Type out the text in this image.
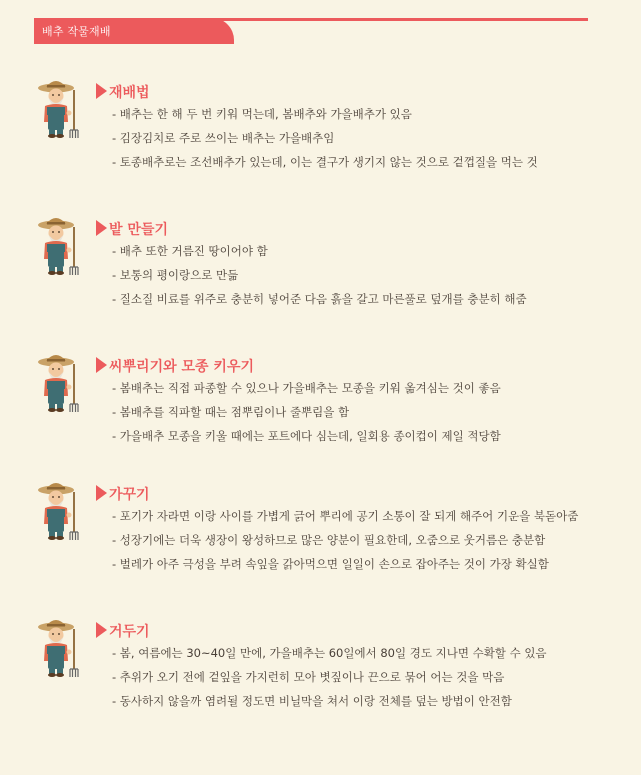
배추 작물재배
재배법
- 배추는 한 해 두 번 키워 먹는데, 봄배추와 가을배추가 있음
- 김장김치로 주로 쓰이는 배추는 가을배추임
- 토종배추로는 조선배추가 있는데, 이는 결구가 생기지 않는 것으로 겉껍질을 먹는 것
밭 만들기
- 배추 또한 거름진 땅이어야 함
- 보통의 평이랑으로 만듦
- 질소질 비료를 위주로 충분히 넣어준 다음 흙을 갈고 마른풀로 덮개를 충분히 해줌
씨뿌리기와 모종 키우기
- 봄배추는 직접 파종할 수 있으나 가을배추는 모종을 키워 옮겨심는 것이 좋음
- 봄배추를 직파할 때는 점뿌림이나 줄뿌림을 함
- 가을배추 모종을 키울 때에는 포트에다 심는데, 일회용 종이컵이 제일 적당함
가꾸기
- 포기가 자라면 이랑 사이를 가볍게 긁어 뿌리에 공기 소통이 잘 되게 해주어 기운을 북돋아줌
- 성장기에는 더욱 생장이 왕성하므로 많은 양분이 필요한데, 오줌으로 웃거름은 충분함
- 벌레가 아주 극성을 부려 속잎을 갉아먹으면 일일이 손으로 잡아주는 것이 가장 확실함
거두기
- 봄, 여름에는 30~40일 만에, 가을배추는 60일에서 80일 경도 지나면 수확할 수 있음
- 추위가 오기 전에 겉잎을 가지런히 모아 볏짚이나 끈으로 묶어 어는 것을 막음
- 동사하지 않을까 염려될 정도면 비닐막을 쳐서 이랑 전체를 덮는 방법이 안전함
